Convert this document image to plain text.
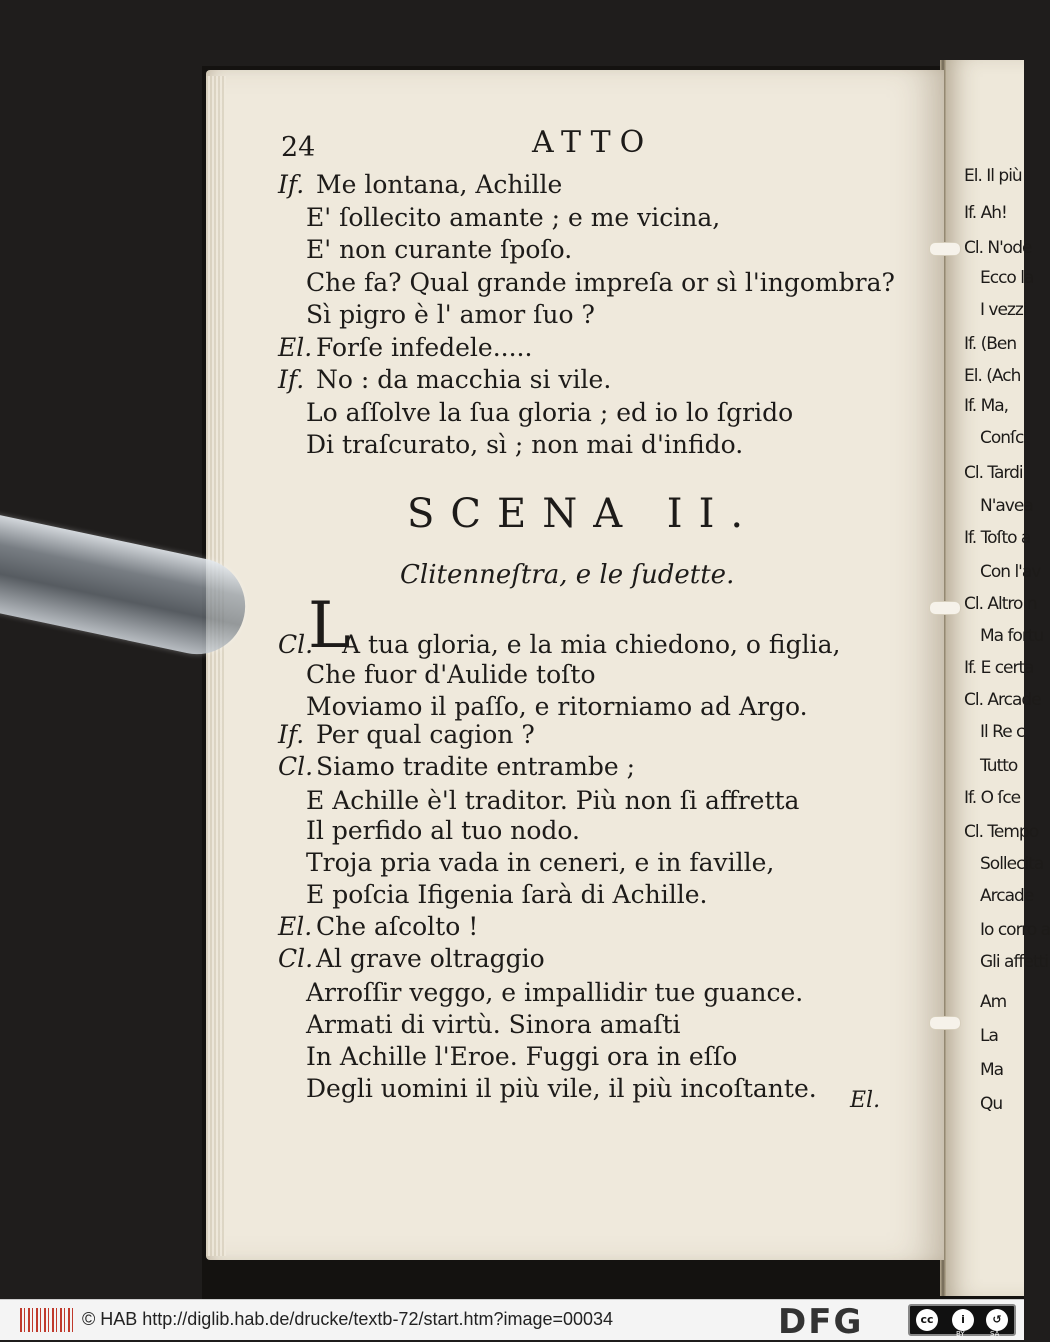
El. Il più
If. Ah!
Cl. N'ode
Ecco la
I vezzi
If. (Ben
El. (Ach
If. Ma,
Conſc
Cl. Tardi
N'avea
If. Toſto a
Con l'av
Cl. Altro n
Ma fortu
If. E certa
Cl. Arcade
Il Re c
Tutto
If. O ſce
Cl. Tempo
Sollecita
Arcade
Io corro a
Gli affetti
Am
La
Ma
Qu
24	ATTO
If. Me lontana, Achille
E' ſollecito amante ; e me vicina,
E' non curante ſpoſo.
Che fa? Qual grande impreſa or sì l'ingombra?
Sì pigro è l' amor ſuo ?
El. Forſe infedele.....
If. No : da macchia si vile.
Lo aſſolve la ſua gloria ; ed io lo ſgrido
Di traſcurato, sì ; non mai d'infido.
SCENA II.
Clitenneſtra, e le ſudette.
L
Cl. A tua gloria, e la mia chiedono, o figlia,
Che fuor d'Aulide toſto
Moviamo il paſſo, e ritorniamo ad Argo.
If. Per qual cagion ?
Cl. Siamo tradite entrambe ;
E Achille è'l traditor. Più non ſi affretta
Il perfido al tuo nodo.
Troja pria vada in ceneri, e in faville,
E poſcia Ifigenia ſarà di Achille.
El. Che aſcolto !
Cl. Al grave oltraggio
Arroſſir veggo, e impallidir tue guance.
Armati di virtù. Sinora amaſti
In Achille l'Eroe. Fuggi ora in eſſo
Degli uomini il più vile, il più incoſtante. El.
© HAB http://diglib.hab.de/drucke/textb-72/start.htm?image=00034	DFG	cc	i	↺
BY	SA
